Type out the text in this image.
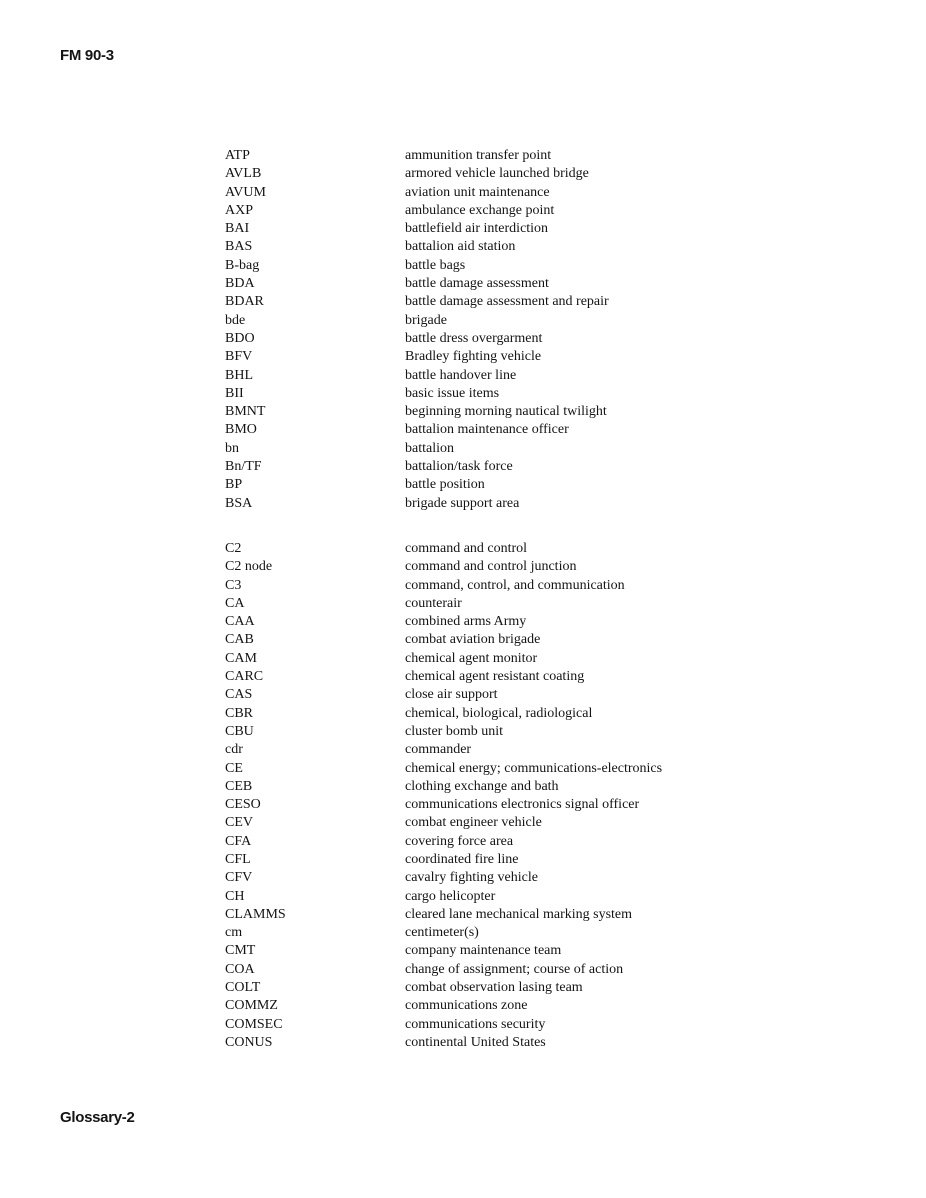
FM 90-3
ATP	ammunition transfer point
AVLB	armored vehicle launched bridge
AVUM	aviation unit maintenance
AXP	ambulance exchange point
BAI	battlefield air interdiction
BAS	battalion aid station
B-bag	battle bags
BDA	battle damage assessment
BDAR	battle damage assessment and repair
bde	brigade
BDO	battle dress overgarment
BFV	Bradley fighting vehicle
BHL	battle handover line
BII	basic issue items
BMNT	beginning morning nautical twilight
BMO	battalion maintenance officer
bn	battalion
Bn/TF	battalion/task force
BP	battle position
BSA	brigade support area
C2	command and control
C2 node	command and control junction
C3	command, control, and communication
CA	counterair
CAA	combined arms Army
CAB	combat aviation brigade
CAM	chemical agent monitor
CARC	chemical agent resistant coating
CAS	close air support
CBR	chemical, biological, radiological
CBU	cluster bomb unit
cdr	commander
CE	chemical energy; communications-electronics
CEB	clothing exchange and bath
CESO	communications electronics signal officer
CEV	combat engineer vehicle
CFA	covering force area
CFL	coordinated fire line
CFV	cavalry fighting vehicle
CH	cargo helicopter
CLAMMS	cleared lane mechanical marking system
cm	centimeter(s)
CMT	company maintenance team
COA	change of assignment; course of action
COLT	combat observation lasing team
COMMZ	communications zone
COMSEC	communications security
CONUS	continental United States
Glossary-2
